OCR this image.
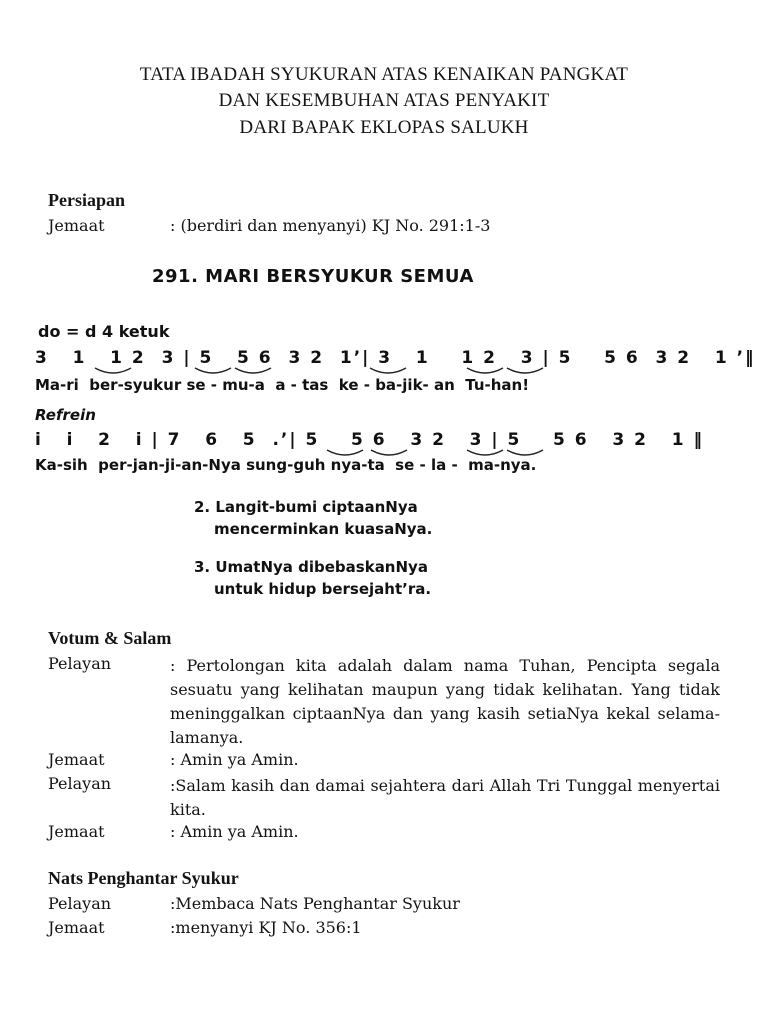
TATA IBADAH SYUKURAN ATAS KENAIKAN PANGKAT
DAN KESEMBUHAN ATAS PENYAKIT
DARI BAPAK EKLOPAS SALUKH
Persiapan
Jemaat	: (berdiri dan menyanyi) KJ No. 291:1-3
291. MARI BERSYUKUR SEMUA
do = d 4 ketuk
3   1   1 2  3 | 5   5 6  3 2  1’| 3   1    1 2   3 | 5    5 6  3 2   1 ’‖
Ma-ri  ber-syukur se - mu-a  a - tas  ke - ba-jik- an  Tu-han!
Refrein
i   i   2   i | 7   6   5  .’| 5    5 6   3 2   3 | 5    5 6   3 2   1 ‖
Ka-sih  per-jan-ji-an-Nya sung-guh nya-ta  se - la -  ma-nya.
2. Langit-bumi ciptaanNya
mencerminkan kuasaNya.
3. UmatNya dibebaskanNya
untuk hidup bersejaht’ra.
Votum & Salam
Pelayan	: Pertolongan kita adalah dalam nama Tuhan, Pencipta segala sesuatu yang kelihatan maupun yang tidak kelihatan. Yang tidak meninggalkan ciptaanNya dan yang kasih setiaNya kekal selama-lamanya.
Jemaat	: Amin ya Amin.
Pelayan	:Salam kasih dan damai sejahtera dari Allah Tri Tunggal menyertai kita.
Jemaat	: Amin ya Amin.
Nats Penghantar Syukur
Pelayan	:Membaca Nats Penghantar Syukur
Jemaat	:menyanyi KJ No. 356:1
